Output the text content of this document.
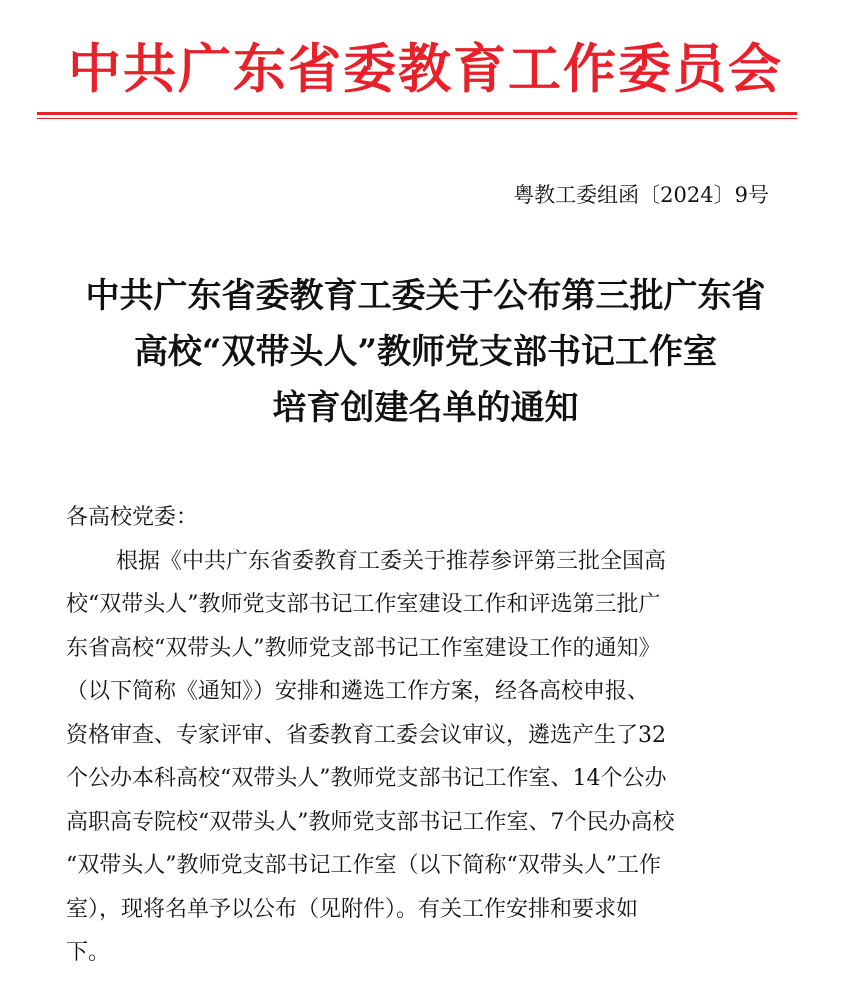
中共广东省委教育工作委员会
粤教工委组函〔2024〕9号
中共广东省委教育工委关于公布第三批广东省
高校“双带头人”教师党支部书记工作室
培育创建名单的通知
各高校党委：
根据《中共广东省委教育工委关于推荐参评第三批全国高
校“双带头人”教师党支部书记工作室建设工作和评选第三批广
东省高校“双带头人”教师党支部书记工作室建设工作的通知》
（以下简称《通知》）安排和遴选工作方案，经各高校申报、
资格审查、专家评审、省委教育工委会议审议，遴选产生了32
个公办本科高校“双带头人”教师党支部书记工作室、14个公办
高职高专院校“双带头人”教师党支部书记工作室、7个民办高校
“双带头人”教师党支部书记工作室（以下简称“双带头人”工作
室），现将名单予以公布（见附件）。有关工作安排和要求如
下。
